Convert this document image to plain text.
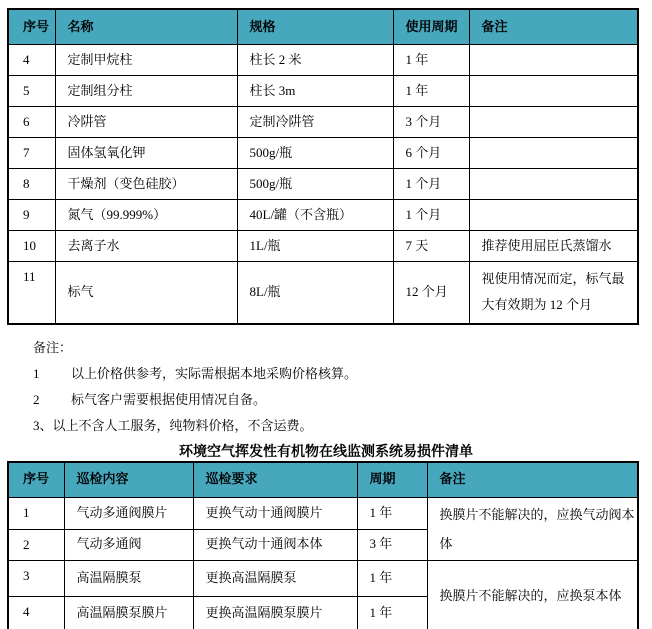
序号	名称	规格	使用周期	备注
4	定制甲烷柱	柱长 2 米	1 年	
5	定制组分柱	柱长 3m	1 年	
6	冷阱管	定制冷阱管	3 个月	
7	固体氢氧化钾	500g/瓶	6 个月	
8	干燥剂（变色硅胶）	500g/瓶	1 个月	
9	氮气（99.999%）	40L/罐（不含瓶）	1 个月	
10	去离子水	1L/瓶	7 天	推荐使用屈臣氏蒸馏水
11	标气	8L/瓶	12 个月	视使用情况而定，标气最大有效期为 12 个月
备注：
1 以上价格供参考，实际需根据本地采购价格核算。
2 标气客户需要根据使用情况自备。
3、以上不含人工服务，纯物料价格，不含运费。
环境空气挥发性有机物在线监测系统易损件清单
序号	巡检内容	巡检要求	周期	备注
1	气动多通阀膜片	更换气动十通阀膜片	1 年	换膜片不能解决的，应换气动阀本体
2	气动多通阀	更换气动十通阀本体	3 年	
3	高温隔膜泵	更换高温隔膜泵	1 年	换膜片不能解决的，应换泵本体
4	高温隔膜泵膜片	更换高温隔膜泵膜片	1 年	
